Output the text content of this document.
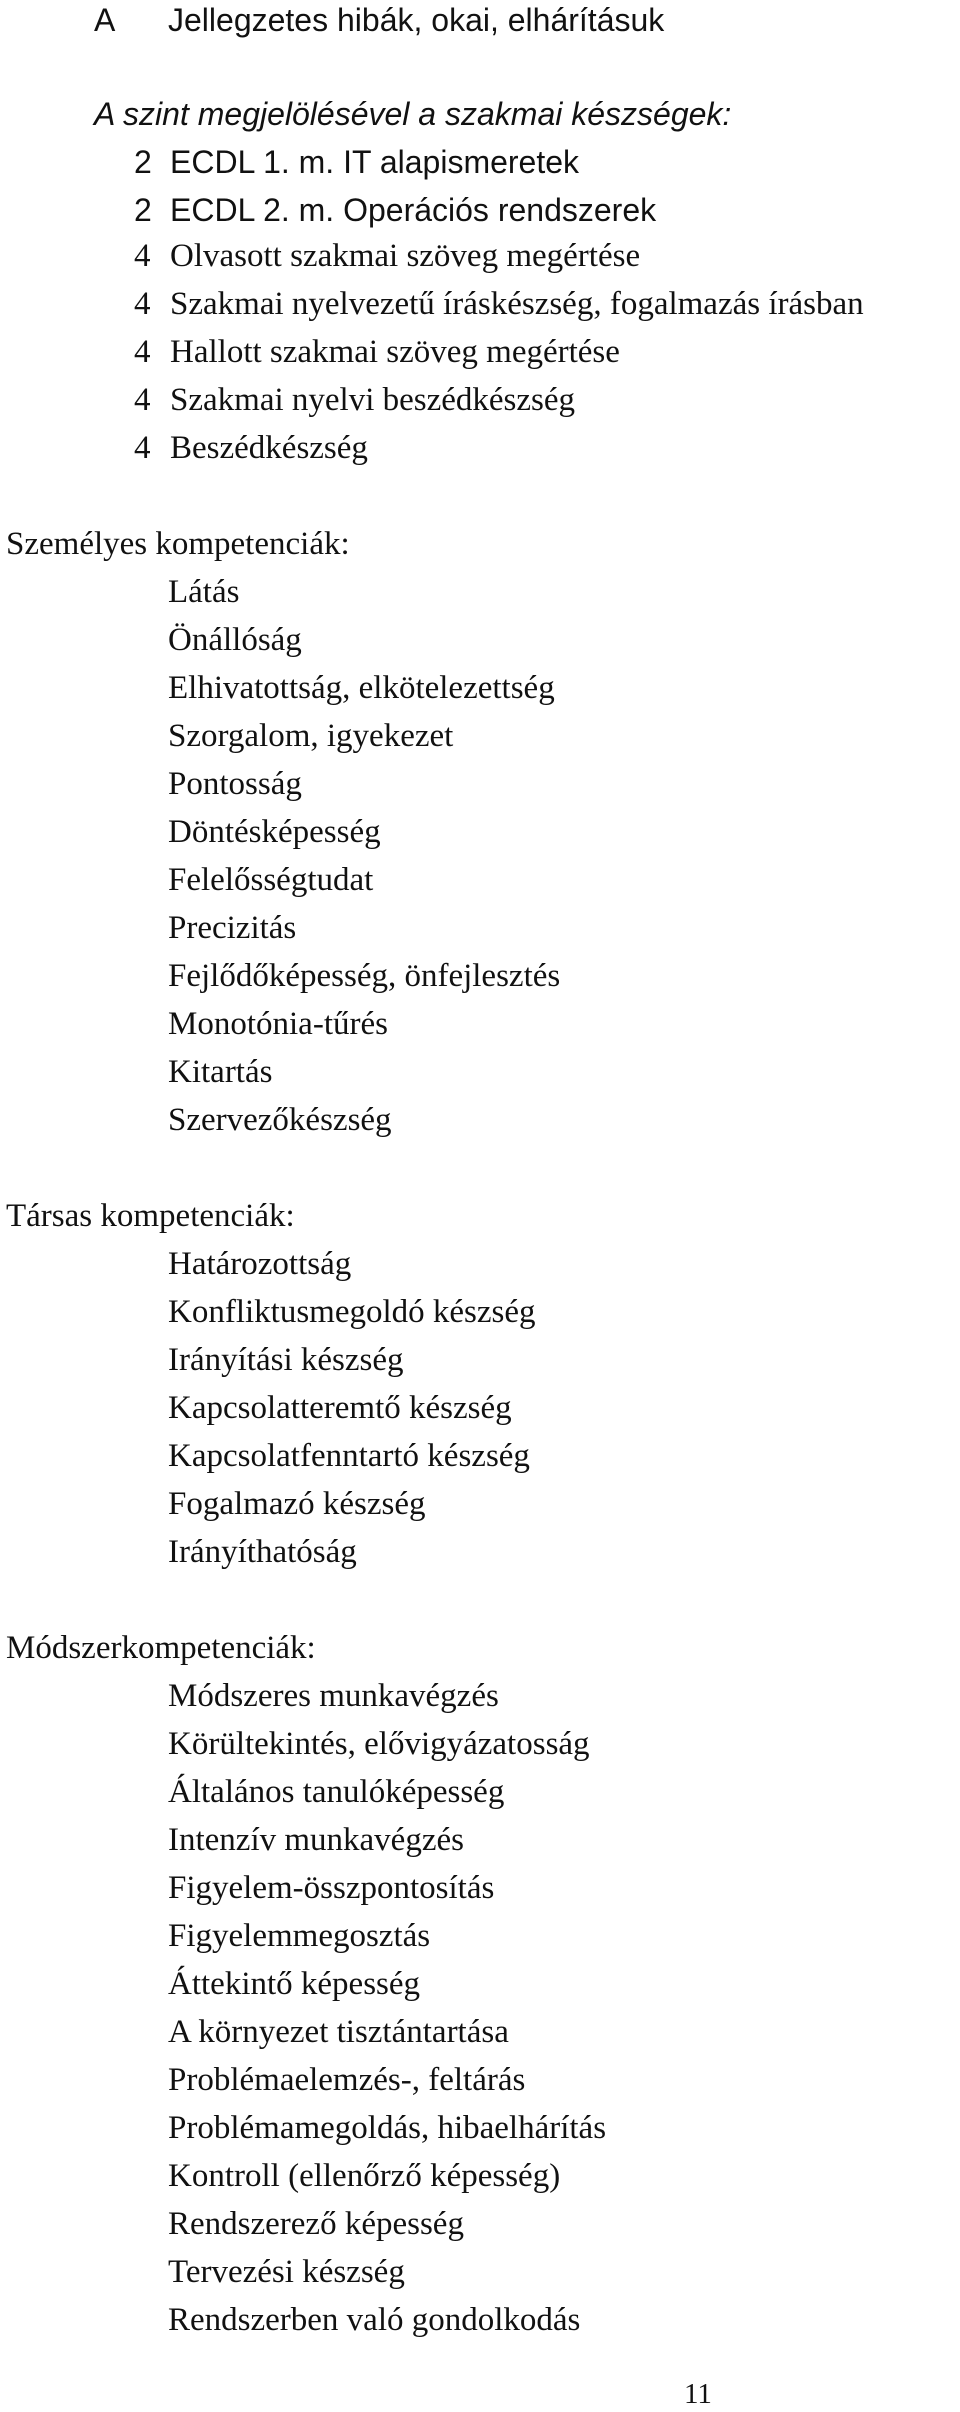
A Jellegzetes hibák, okai, elhárításuk
A szint megjelölésével a szakmai készségek:
2 ECDL 1. m. IT alapismeretek
2 ECDL 2. m. Operációs rendszerek
4 Olvasott szakmai szöveg megértése
4 Szakmai nyelvezetű íráskészség, fogalmazás írásban
4 Hallott szakmai szöveg megértése
4 Szakmai nyelvi beszédkészség
4 Beszédkészség
Személyes kompetenciák:
Látás
Önállóság
Elhivatottság, elkötelezettség
Szorgalom, igyekezet
Pontosság
Döntésképesség
Felelősségtudat
Precizitás
Fejlődőképesség, önfejlesztés
Monotónia-tűrés
Kitartás
Szervezőkészség
Társas kompetenciák:
Határozottság
Konfliktusmegoldó készség
Irányítási készség
Kapcsolatteremtő készség
Kapcsolatfenntartó készség
Fogalmazó készség
Irányíthatóság
Módszerkompetenciák:
Módszeres munkavégzés
Körültekintés, elővigyázatosság
Általános tanulóképesség
Intenzív munkavégzés
Figyelem-összpontosítás
Figyelemmegosztás
Áttekintő képesség
A környezet tisztántartása
Problémaelemzés-, feltárás
Problémamegoldás, hibaelhárítás
Kontroll (ellenőrző képesség)
Rendszerező képesség
Tervezési készség
Rendszerben való gondolkodás
11
